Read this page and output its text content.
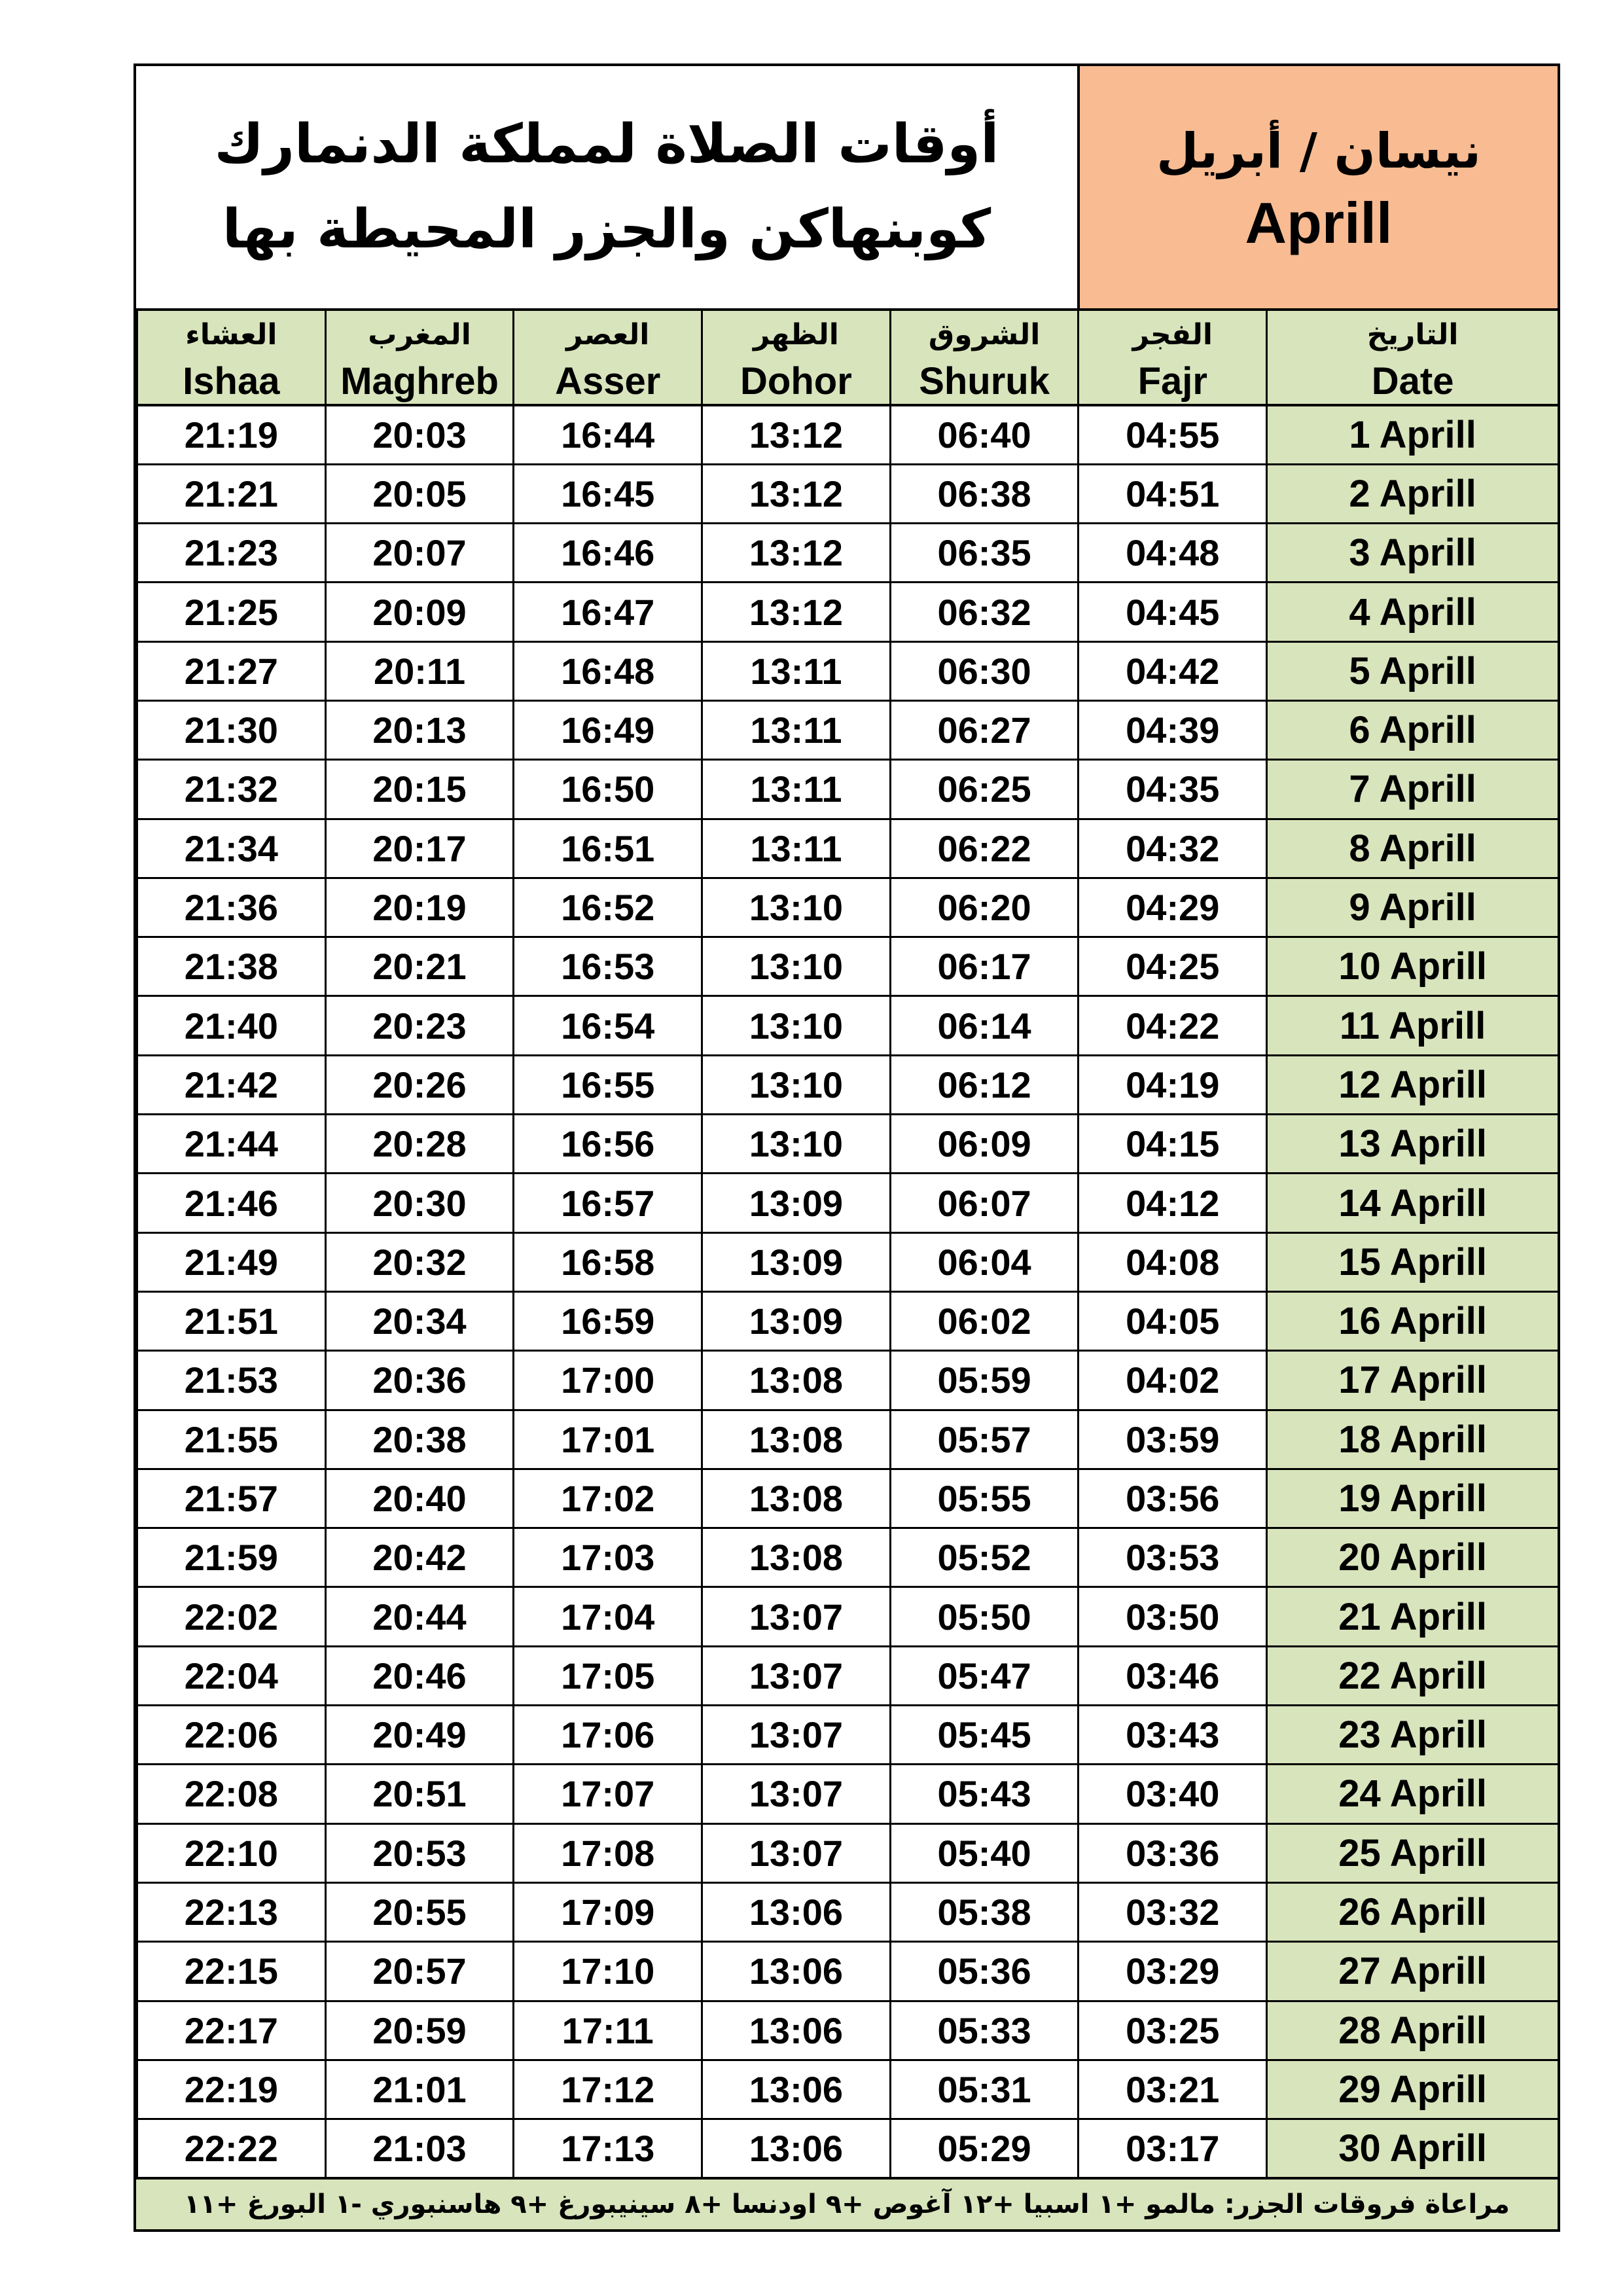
أوقات الصلاة لمملكة الدنمارك
كوبنهاكن والجزر المحيطة بها
نيسان / أبريل
Aprill
العشاء	المغرب	العصر	الظهر	الشروق	الفجر	التاريخ
Ishaa	Maghreb	Asser	Dohor	Shuruk	Fajr	Date
21:19	20:03	16:44	13:12	06:40	04:55	1 Aprill
21:21	20:05	16:45	13:12	06:38	04:51	2 Aprill
21:23	20:07	16:46	13:12	06:35	04:48	3 Aprill
21:25	20:09	16:47	13:12	06:32	04:45	4 Aprill
21:27	20:11	16:48	13:11	06:30	04:42	5 Aprill
21:30	20:13	16:49	13:11	06:27	04:39	6 Aprill
21:32	20:15	16:50	13:11	06:25	04:35	7 Aprill
21:34	20:17	16:51	13:11	06:22	04:32	8 Aprill
21:36	20:19	16:52	13:10	06:20	04:29	9 Aprill
21:38	20:21	16:53	13:10	06:17	04:25	10 Aprill
21:40	20:23	16:54	13:10	06:14	04:22	11 Aprill
21:42	20:26	16:55	13:10	06:12	04:19	12 Aprill
21:44	20:28	16:56	13:10	06:09	04:15	13 Aprill
21:46	20:30	16:57	13:09	06:07	04:12	14 Aprill
21:49	20:32	16:58	13:09	06:04	04:08	15 Aprill
21:51	20:34	16:59	13:09	06:02	04:05	16 Aprill
21:53	20:36	17:00	13:08	05:59	04:02	17 Aprill
21:55	20:38	17:01	13:08	05:57	03:59	18 Aprill
21:57	20:40	17:02	13:08	05:55	03:56	19 Aprill
21:59	20:42	17:03	13:08	05:52	03:53	20 Aprill
22:02	20:44	17:04	13:07	05:50	03:50	21 Aprill
22:04	20:46	17:05	13:07	05:47	03:46	22 Aprill
22:06	20:49	17:06	13:07	05:45	03:43	23 Aprill
22:08	20:51	17:07	13:07	05:43	03:40	24 Aprill
22:10	20:53	17:08	13:07	05:40	03:36	25 Aprill
22:13	20:55	17:09	13:06	05:38	03:32	26 Aprill
22:15	20:57	17:10	13:06	05:36	03:29	27 Aprill
22:17	20:59	17:11	13:06	05:33	03:25	28 Aprill
22:19	21:01	17:12	13:06	05:31	03:21	29 Aprill
22:22	21:03	17:13	13:06	05:29	03:17	30 Aprill
مراعاة فروقات الجزر: مالمو +١ اسبيا +١٢ آغوص +٩ اودنسا +٨ سينيبورغ +٩ هاسنبوري -١ البورغ +١١
